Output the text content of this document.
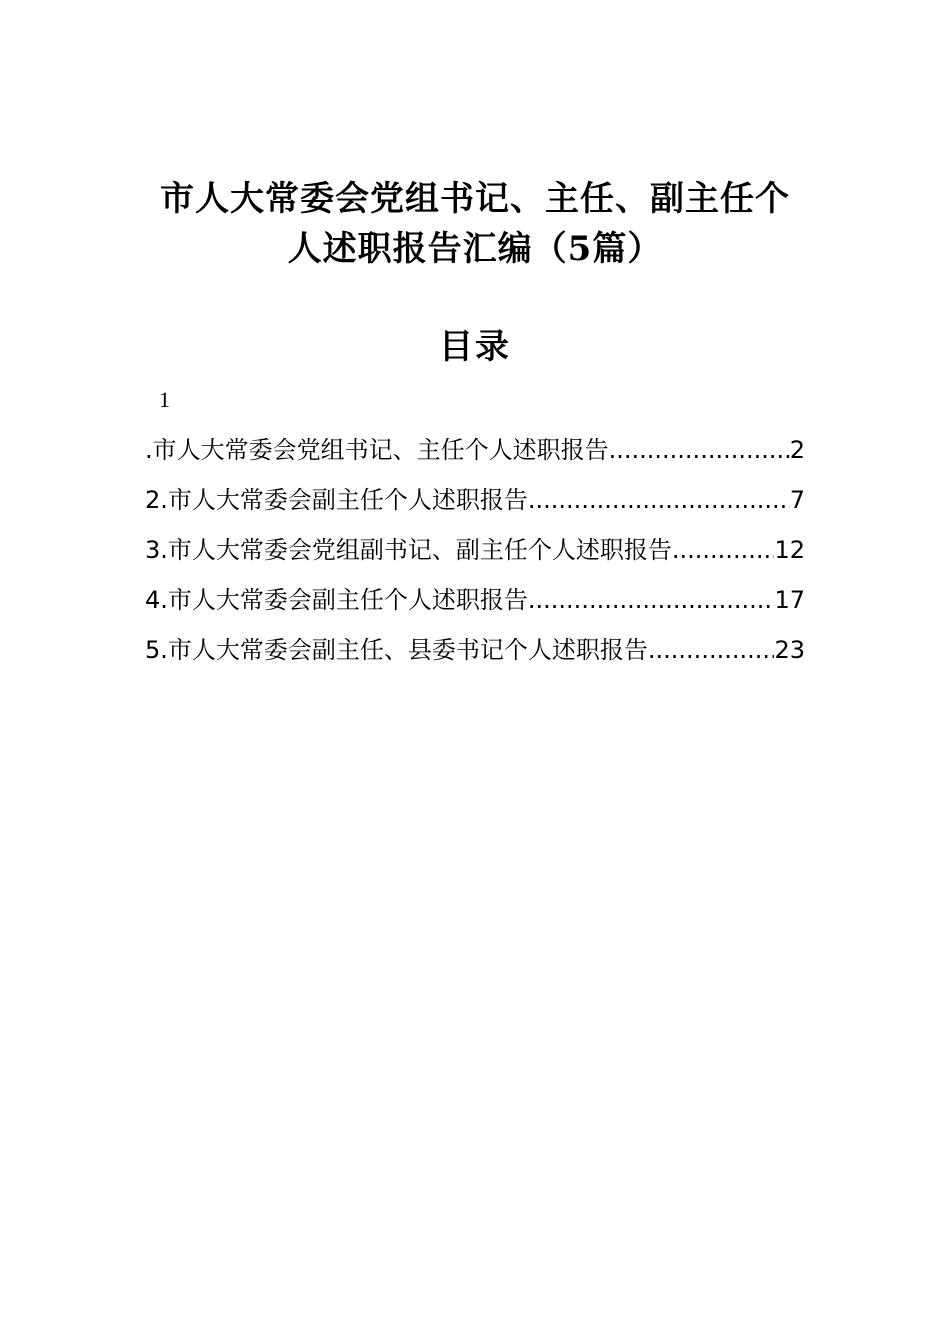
市人大常委会党组书记、主任、副主任个
人述职报告汇编（5篇）
目录
1
.市人大常委会党组书记、主任个人述职报告 .....	2
2.市人大常委会副主任个人述职报告 .....	7
3.市人大常委会党组副书记、副主任个人述职报告 .....	12
4.市人大常委会副主任个人述职报告 .....	17
5.市人大常委会副主任、县委书记个人述职报告 .....	23
